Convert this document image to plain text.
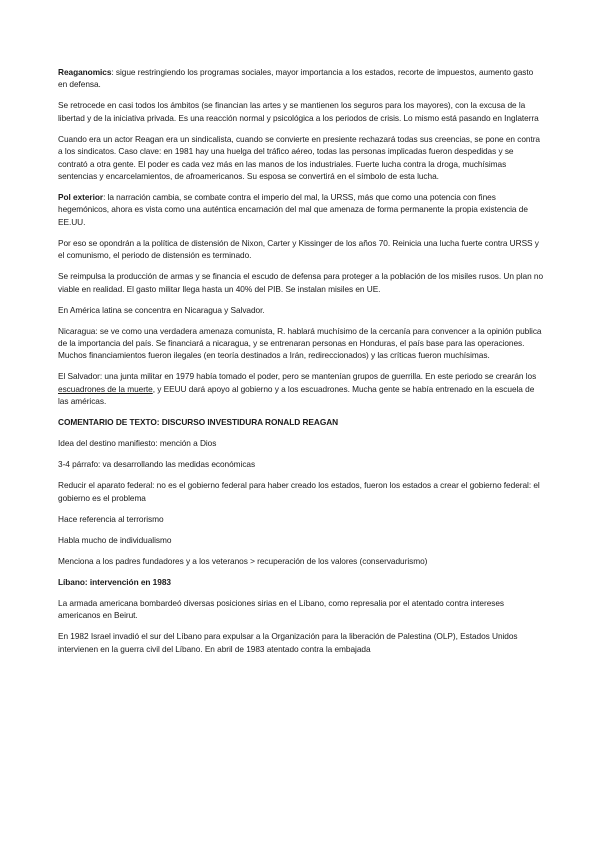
Reaganomics: sigue restringiendo los programas sociales, mayor importancia a los estados, recorte de impuestos, aumento gasto en defensa.

Se retrocede en casi todos los ámbitos (se financian las artes y se mantienen los seguros para los mayores), con la excusa de la libertad y de la iniciativa privada. Es una reacción normal y psicológica a los periodos de crisis. Lo mismo está pasando en Inglaterra

Cuando era un actor Reagan era un sindicalista, cuando se convierte en presiente rechazará todas sus creencias, se pone en contra a los sindicatos. Caso clave: en 1981 hay una huelga del tráfico aéreo, todas las personas implicadas fueron despedidas y se contrató a otra gente. El poder es cada vez más en las manos de los industriales. Fuerte lucha contra la droga, muchísimas sentencias y encarcelamientos, de afroamericanos. Su esposa se convertirá en el símbolo de esta lucha.

Pol exterior: la narración cambia, se combate contra el imperio del mal, la URSS, más que como una potencia con fines hegemónicos, ahora es vista como una auténtica encarnación del mal que amenaza de forma permanente la propia existencia de EE.UU.

Por eso se opondrán a la política de distensión de Nixon, Carter y Kissinger de los años 70. Reinicia una lucha fuerte contra URSS y el comunismo, el periodo de distensión es terminado.

Se reimpulsa la producción de armas y se financia el escudo de defensa para proteger a la población de los misiles rusos. Un plan no viable en realidad. El gasto militar llega hasta un 40% del PIB. Se instalan misiles en UE.

En América latina se concentra en Nicaragua y Salvador.

Nicaragua: se ve como una verdadera amenaza comunista, R. hablará muchísimo de la cercanía para convencer a la opinión publica de la importancia del país. Se financiará a nicaragua, y se entrenaran personas en Honduras, el país base para las operaciones. Muchos financiamientos fueron ilegales (en teoría destinados a Irán, redireccionados) y las críticas fueron muchísimas.

El Salvador: una junta militar en 1979 había tomado el poder, pero se mantenían grupos de guerrilla. En este periodo se crearán los escuadrones de la muerte, y EEUU dará apoyo al gobierno y a los escuadrones. Mucha gente se había entrenado en la escuela de las américas.

COMENTARIO DE TEXTO: DISCURSO INVESTIDURA RONALD REAGAN

Idea del destino manifiesto: mención a Dios

3-4 párrafo: va desarrollando las medidas económicas

Reducir el aparato federal: no es el gobierno federal para haber creado los estados, fueron los estados a crear el gobierno federal: el gobierno es el problema

Hace referencia al terrorismo

Habla mucho de individualismo

Menciona a los padres fundadores y a los veteranos > recuperación de los valores (conservadurismo)

Líbano: intervención en 1983

La armada americana bombardeó diversas posiciones sirias en el Líbano, como represalia por el atentado contra intereses americanos en Beirut.

En 1982 Israel invadió el sur del Líbano para expulsar a la Organización para la liberación de Palestina (OLP), Estados Unidos intervienen en la guerra civil del Líbano. En abril de 1983 atentado contra la embajada
